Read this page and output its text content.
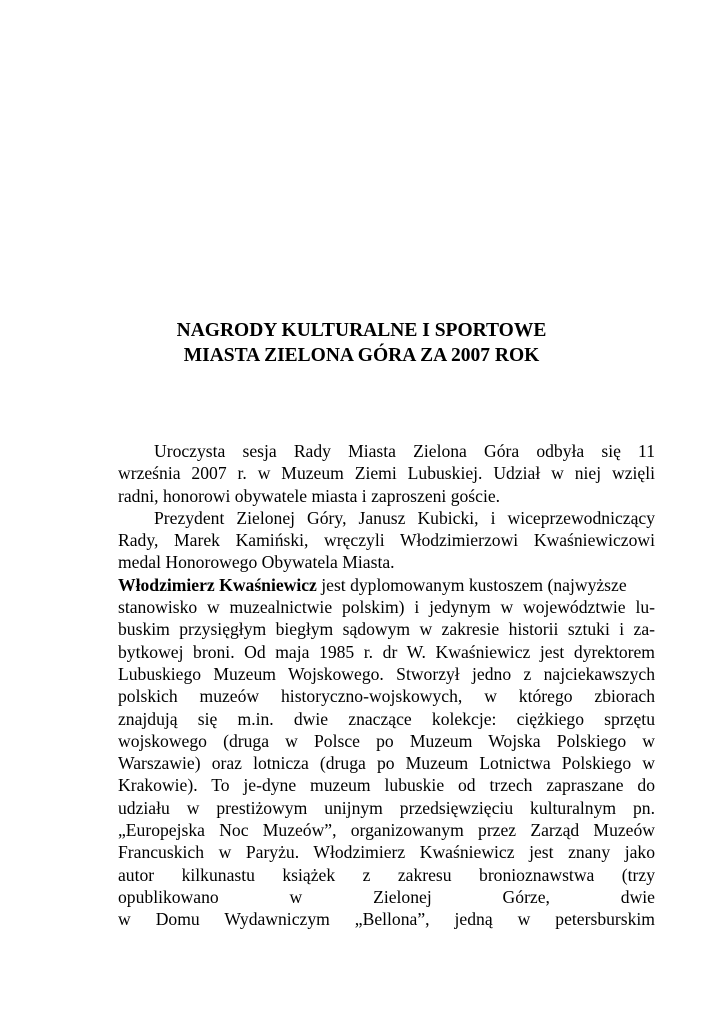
NAGRODY KULTURALNE I SPORTOWE
MIASTA ZIELONA GÓRA ZA 2007 ROK
Uroczysta sesja Rady Miasta Zielona Góra odbyła się 11
września 2007 r. w Muzeum Ziemi Lubuskiej. Udział w niej wzięli
radni, honorowi obywatele miasta i zaproszeni goście.
Prezydent Zielonej Góry, Janusz Kubicki, i wiceprzewodniczący
Rady, Marek Kamiński, wręczyli Włodzimierzowi Kwaśniewiczowi
medal Honorowego Obywatela Miasta.
Włodzimierz Kwaśniewicz jest dyplomowanym kustoszem (najwyższe
stanowisko w muzealnictwie polskim) i jedynym w województwie lu-
buskim przysięgłym biegłym sądowym w zakresie historii sztuki i za-
bytkowej broni. Od maja 1985 r. dr W. Kwaśniewicz jest dyrektorem
Lubuskiego Muzeum Wojskowego. Stworzył jedno z najciekawszych
polskich muzeów historyczno-wojskowych, w którego zbiorach
znajdują się m.in. dwie znaczące kolekcje: ciężkiego sprzętu
wojskowego (druga w Polsce po Muzeum Wojska Polskiego w
Warszawie) oraz lotnicza (druga po Muzeum Lotnictwa Polskiego w
Krakowie). To je-dyne muzeum lubuskie od trzech zapraszane do
udziału w prestiżowym unijnym przedsięwzięciu kulturalnym pn.
„Europejska Noc Muzeów”, organizowanym przez Zarząd Muzeów
Francuskich w Paryżu. Włodzimierz Kwaśniewicz jest znany jako
autor kilkunastu książek z zakresu bronioznawstwa (trzy
opublikowano w Zielonej Górze, dwie
w Domu Wydawniczym „Bellona”, jedną w petersburskim
